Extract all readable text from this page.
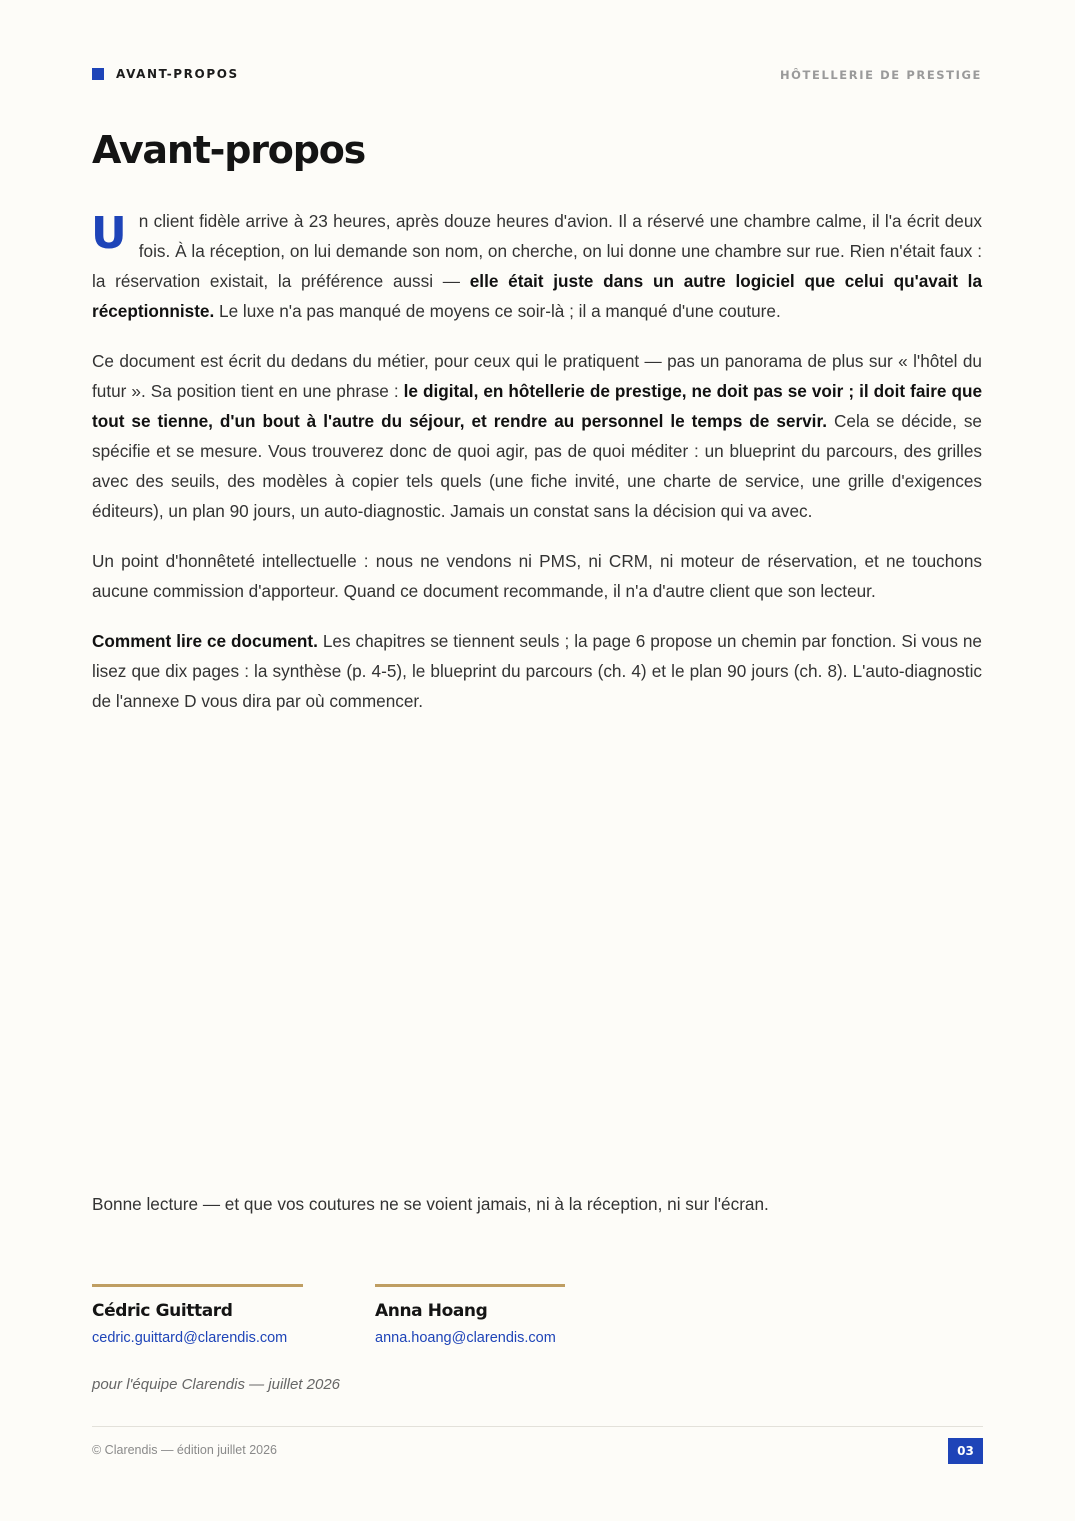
AVANT-PROPOS	HÔTELLERIE DE PRESTIGE
Avant-propos

Un client fidèle arrive à 23 heures, après douze heures d'avion. Il a réservé une chambre calme, il l'a écrit deux fois. À la réception, on lui demande son nom, on cherche, on lui donne une chambre sur rue. Rien n'était faux : la réservation existait, la préférence aussi — elle était juste dans un autre logiciel que celui qu'avait la réceptionniste. Le luxe n'a pas manqué de moyens ce soir-là ; il a manqué d'une couture.

Ce document est écrit du dedans du métier, pour ceux qui le pratiquent — pas un panorama de plus sur « l'hôtel du futur ». Sa position tient en une phrase : le digital, en hôtellerie de prestige, ne doit pas se voir ; il doit faire que tout se tienne, d'un bout à l'autre du séjour, et rendre au personnel le temps de servir. Cela se décide, se spécifie et se mesure. Vous trouverez donc de quoi agir, pas de quoi méditer : un blueprint du parcours, des grilles avec des seuils, des modèles à copier tels quels (une fiche invité, une charte de service, une grille d'exigences éditeurs), un plan 90 jours, un auto-diagnostic. Jamais un constat sans la décision qui va avec.

Un point d'honnêteté intellectuelle : nous ne vendons ni PMS, ni CRM, ni moteur de réservation, et ne touchons aucune commission d'apporteur. Quand ce document recommande, il n'a d'autre client que son lecteur.

Comment lire ce document. Les chapitres se tiennent seuls ; la page 6 propose un chemin par fonction. Si vous ne lisez que dix pages : la synthèse (p. 4-5), le blueprint du parcours (ch. 4) et le plan 90 jours (ch. 8). L'auto-diagnostic de l'annexe D vous dira par où commencer.

Bonne lecture — et que vos coutures ne se voient jamais, ni à la réception, ni sur l'écran.

Cédric Guittard
cedric.guittard@clarendis.com
Anna Hoang
anna.hoang@clarendis.com

pour l'équipe Clarendis — juillet 2026

© Clarendis — édition juillet 2026	03
